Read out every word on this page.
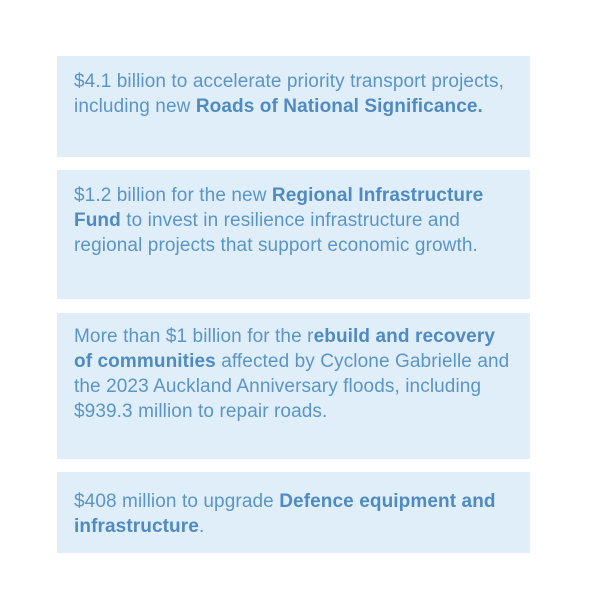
$4.1 billion to accelerate priority transport projects, including new Roads of National Significance.

$1.2 billion for the new Regional Infrastructure Fund to invest in resilience infrastructure and regional projects that support economic growth.

More than $1 billion for the rebuild and recovery of communities affected by Cyclone Gabrielle and the 2023 Auckland Anniversary floods, including $939.3 million to repair roads.

$408 million to upgrade Defence equipment and infrastructure.
